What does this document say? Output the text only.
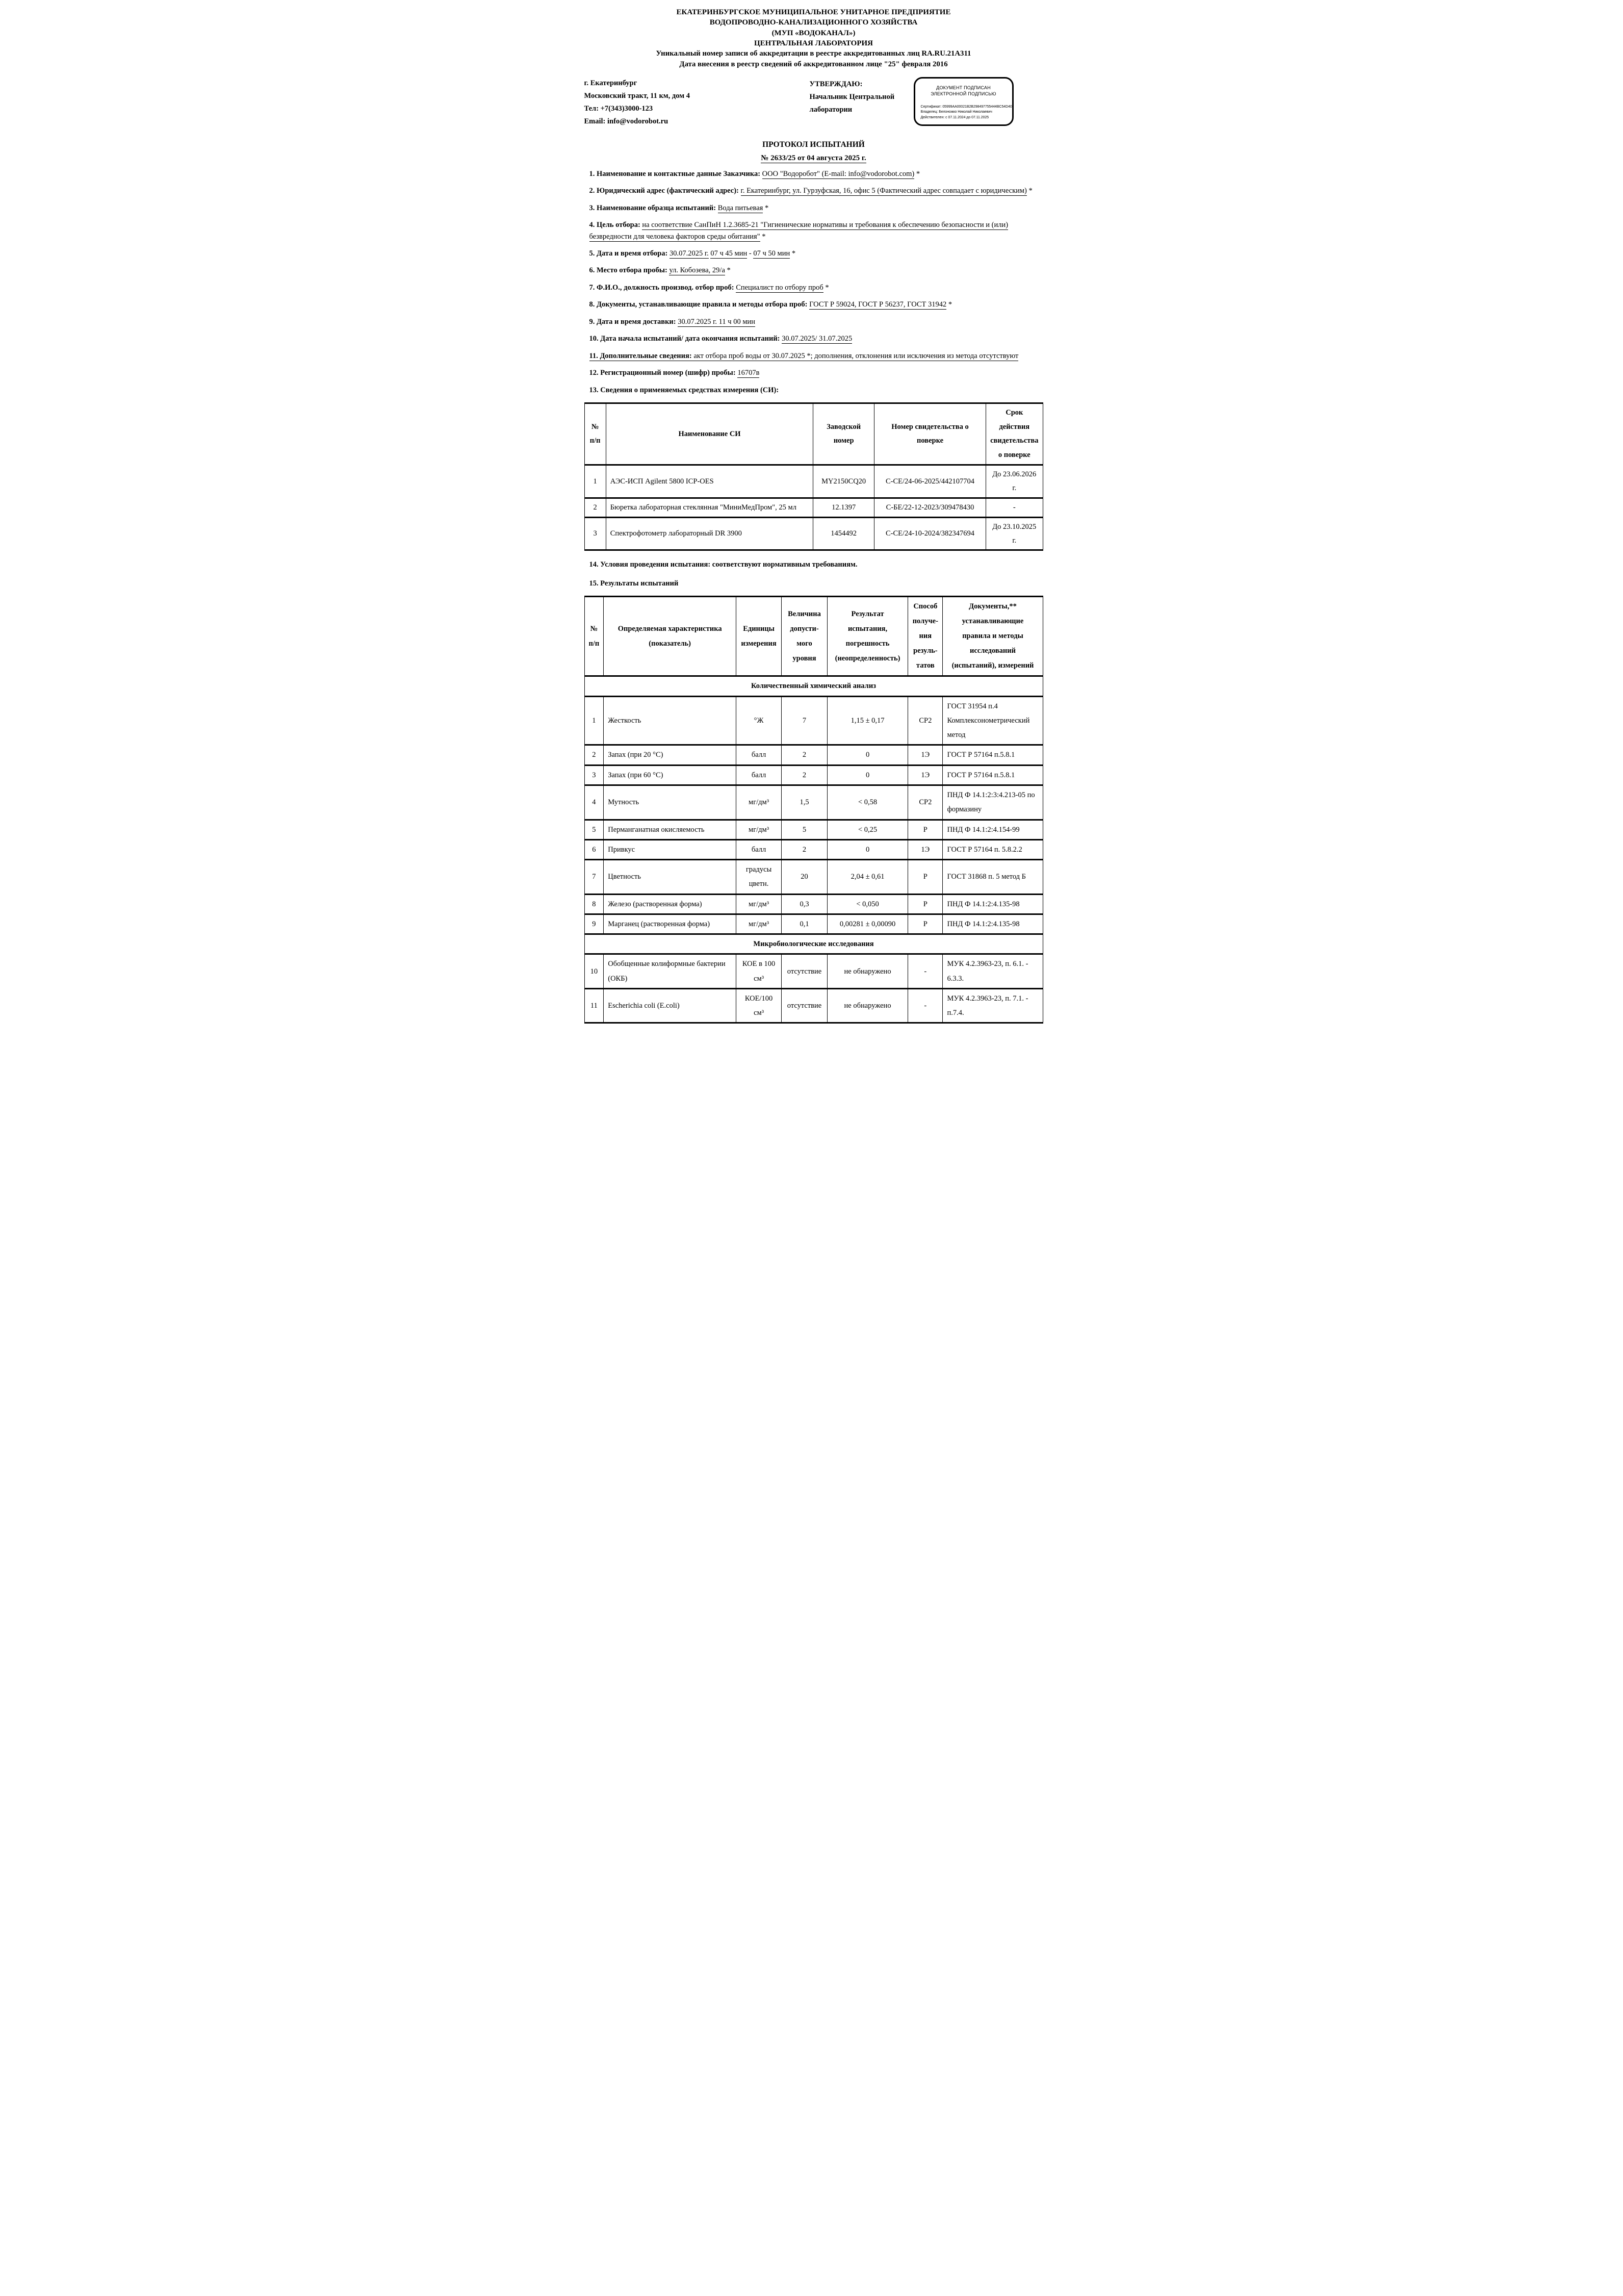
ЕКАТЕРИНБУРГСКОЕ МУНИЦИПАЛЬНОЕ УНИТАРНОЕ ПРЕДПРИЯТИЕ
ВОДОПРОВОДНО-КАНАЛИЗАЦИОННОГО ХОЗЯЙСТВА
(МУП «ВОДОКАНАЛ»)
ЦЕНТРАЛЬНАЯ ЛАБОРАТОРИЯ
Уникальный номер записи об аккредитации в реестре аккредитованных лиц RA.RU.21А311
Дата внесения в реестр сведений об аккредитованном лице "25" февраля 2016
г. Екатеринбург
Московский тракт, 11 км, дом 4
Тел: +7(343)3000-123
Email: info@vodorobot.ru
УТВЕРЖДАЮ:
Начальник Центральной лаборатории
ДОКУМЕНТ ПОДПИСАН
ЭЛЕКТРОННОЙ ПОДПИСЬЮ
Сертификат: 05999AA00021B2B298497755444BC54D40
Владелец: Белоножко Николай Николаевич
Действителен: с 07.11.2024 до 07.11.2025
ПРОТОКОЛ ИСПЫТАНИЙ
№ 2633/25 от 04 августа 2025 г.

1. Наименование и контактные данные Заказчика: ООО "Водоробот" (E-mail: info@vodorobot.com) *

2. Юридический адрес (фактический адрес): г. Екатеринбург, ул. Гурзуфская, 16, офис 5 (Фактический адрес совпадает с юридическим) *

3. Наименование образца испытаний: Вода питьевая *

4. Цель отбора: на соответствие СанПиН 1.2.3685-21 "Гигиенические нормативы и требования к обеспечению безопасности и (или) безвредности для человека факторов среды обитания" *

5. Дата и время отбора: 30.07.2025 г. 07 ч 45 мин - 07 ч 50 мин *

6. Место отбора пробы: ул. Кобозева, 29/а *

7. Ф.И.О., должность производ. отбор проб: Специалист по отбору проб *

8. Документы, устанавливающие правила и методы отбора проб: ГОСТ Р 59024, ГОСТ Р 56237, ГОСТ 31942 *

9. Дата и время доставки: 30.07.2025 г. 11 ч 00 мин

10. Дата начала испытаний/ дата окончания испытаний: 30.07.2025/ 31.07.2025

11. Дополнительные сведения: акт отбора проб воды от 30.07.2025 *; дополнения, отклонения или исключения из метода отсутствуют

12. Регистрационный номер (шифр) пробы: 16707в

13. Сведения о применяемых средствах измерения (СИ):

№ п/п	Наименование СИ	Заводской номер	Номер свидетельства о поверке	Срок действия свидетельства о поверке
1	АЭС-ИСП Agilent 5800 ICP-OES	MY2150CQ20	С-СЕ/24-06-2025/442107704	До 23.06.2026 г.
2	Бюретка лабораторная стеклянная "МиниМедПром", 25 мл	12.1397	С-БЕ/22-12-2023/309478430	-
3	Спектрофотометр лабораторный DR 3900	1454492	С-СЕ/24-10-2024/382347694	До 23.10.2025 г.

14. Условия проведения испытания: соответствуют нормативным требованиям.

15. Результаты испытаний

№ п/п	Определяемая характеристика (показатель)	Единицы измерения	Величина допустимого уровня	Результат испытания, погрешность (неопределенность)	Способ получения результатов	Документы,** устанавливающие правила и методы исследований (испытаний), измерений
Количественный химический анализ						
1	Жесткость	°Ж	7	1,15 ± 0,17	СР2	ГОСТ 31954 п.4 Комплексонометрический метод
2	Запах (при 20 °С)	балл	2	0	1Э	ГОСТ Р 57164 п.5.8.1
3	Запах (при 60 °С)	балл	2	0	1Э	ГОСТ Р 57164 п.5.8.1
4	Мутность	мг/дм³	1,5	< 0,58	СР2	ПНД Ф 14.1:2:3:4.213-05 по формазину
5	Перманганатная окисляемость	мг/дм³	5	< 0,25	Р	ПНД Ф 14.1:2:4.154-99
6	Привкус	балл	2	0	1Э	ГОСТ Р 57164 п. 5.8.2.2
7	Цветность	градусы цветн.	20	2,04 ± 0,61	Р	ГОСТ 31868 п. 5 метод Б
8	Железо (растворенная форма)	мг/дм³	0,3	< 0,050	Р	ПНД Ф 14.1:2:4.135-98
9	Марганец (растворенная форма)	мг/дм³	0,1	0,00281 ± 0,00090	Р	ПНД Ф 14.1:2:4.135-98
Микробиологические исследования						
10	Обобщенные колиформные бактерии (ОКБ)	КОЕ в 100 см³	отсутствие	не обнаружено	-	МУК 4.2.3963-23, п. 6.1. - 6.3.3.
11	Escherichia coli (E.coli)	КОЕ/100 см³	отсутствие	не обнаружено	-	МУК 4.2.3963-23, п. 7.1. - п.7.4.
